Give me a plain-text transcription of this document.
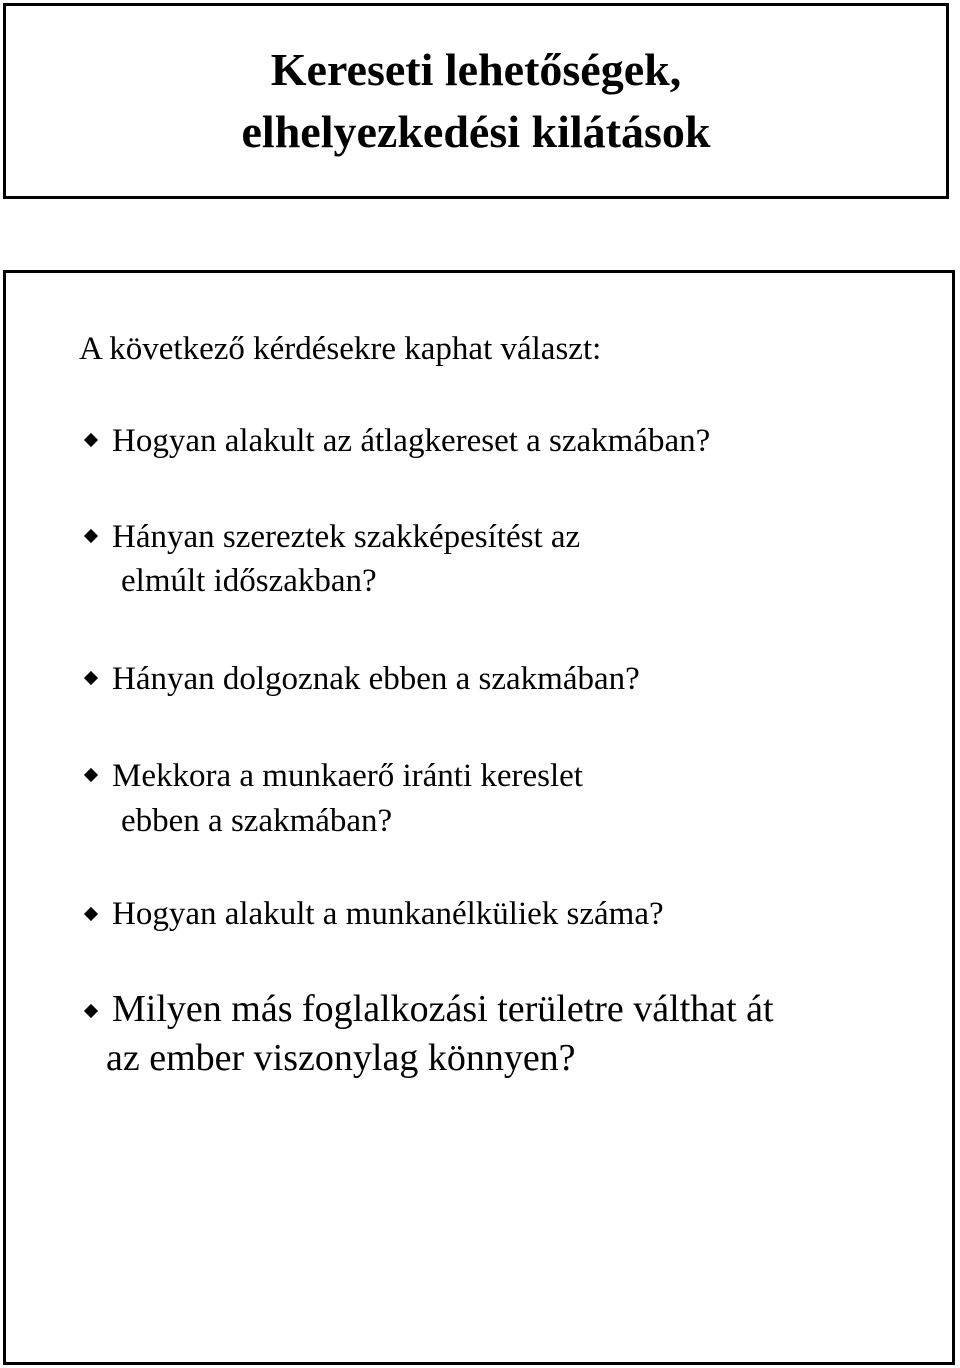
Kereseti lehetőségek,
elhelyezkedési kilátások
A következő kérdésekre kaphat választ:
Hogyan alakult az átlagkereset a szakmában?
Hányan szereztek szakképesítést az
elmúlt időszakban?
Hányan dolgoznak ebben a szakmában?
Mekkora a munkaerő iránti kereslet
ebben a szakmában?
Hogyan alakult a munkanélküliek száma?
Milyen más foglalkozási területre válthat át
az ember viszonylag könnyen?
